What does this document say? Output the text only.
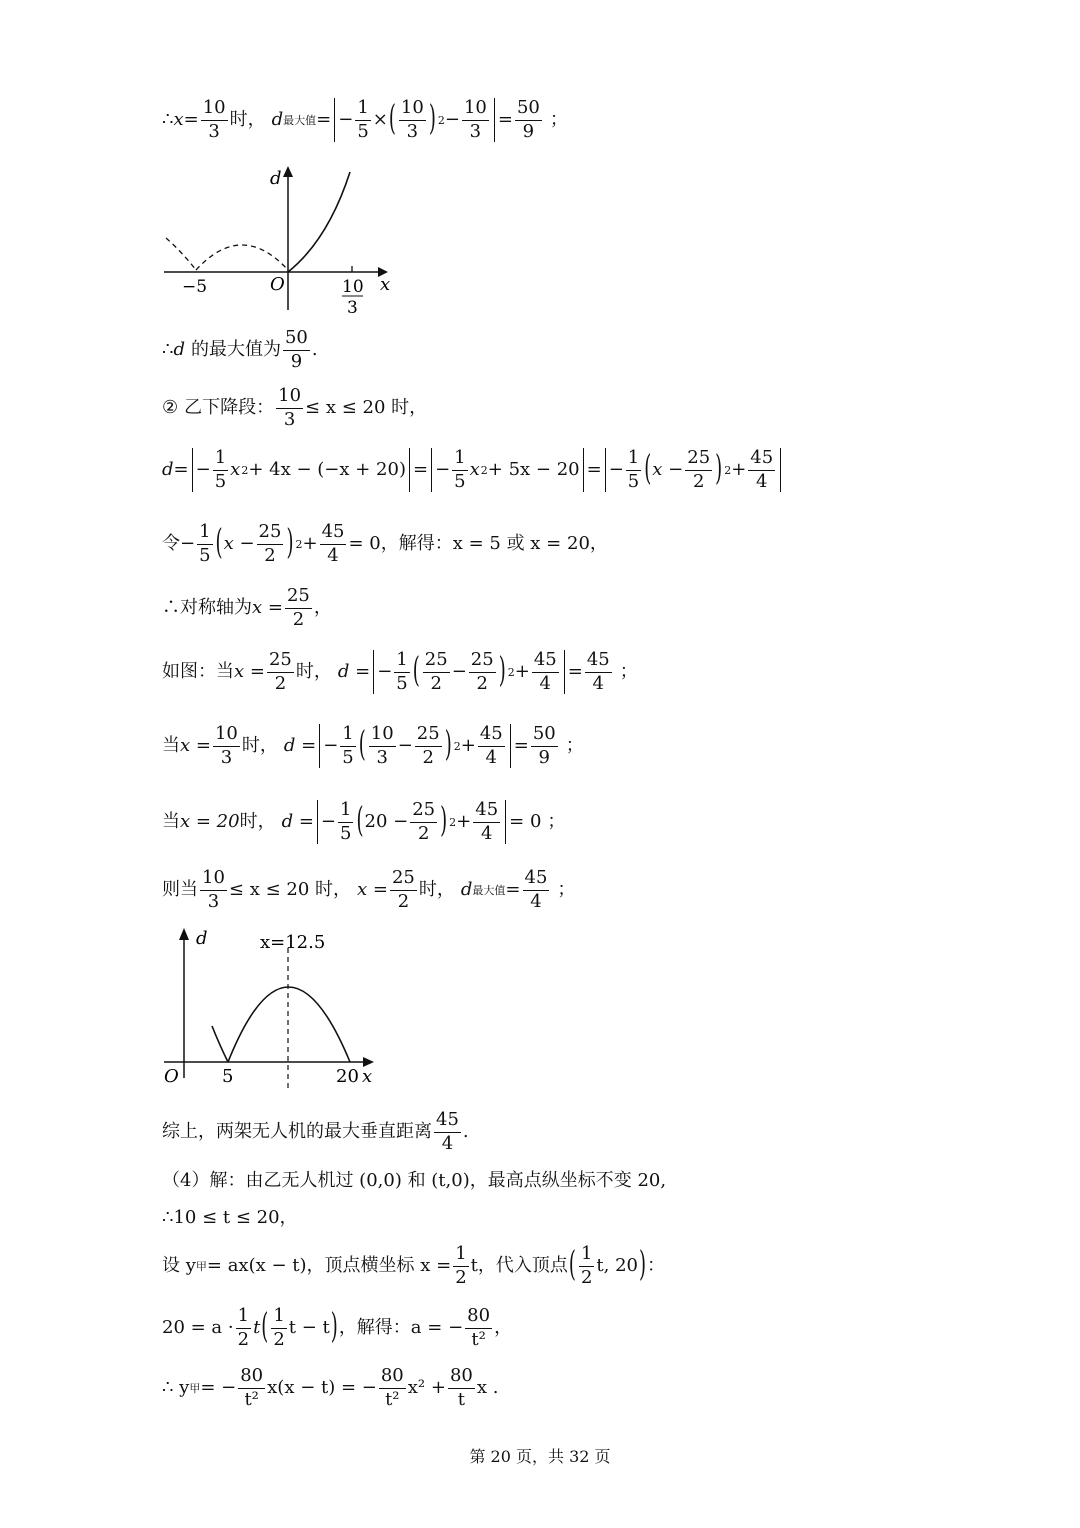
∴ $x = \frac{10}{3}$ 时， d 最大值 = − $\frac{1}{5}$ × ( $\frac{10}{3}$ ) $2 - \frac{10}{3} = \frac{50}{9}$ ；
d
x
O
−5	10
3
∴ d 的最大值为 $\frac{50}{9}$ .
② 乙下降段： $\frac{10}{3} \le x \le 20$ 时，
d = − $\frac{1}{5}$ x 2 + 4x − (−x + 20) = − $\frac{1}{5}$ x 2 + 5x − 20 = − $\frac{1}{5}$ ( $x - \frac{25}{2}$ ) $2 + \frac{45}{4}$
令 − $\frac{1}{5}$ ( $x - \frac{25}{2}$ ) $2 + \frac{45}{4} = 0$，解得：x = 5 或 x = 20，
∴对称轴为 $x = \frac{25}{2}$ ，
如图：当 $x = \frac{25}{2}$ 时， d = − $\frac{1}{5}$ ( $\frac{25}{2} - \frac{25}{2}$ ) $2 + \frac{45}{4} = \frac{45}{4}$ ；
当 $x = \frac{10}{3}$ 时， d = − $\frac{1}{5}$ ( $\frac{10}{3} - \frac{25}{2}$ ) $2 + \frac{45}{4} = \frac{50}{9}$ ；
当 x = 20 时， d = − $\frac{1}{5}$ ( $20 - \frac{25}{2}$ ) $2 + \frac{45}{4} = 0$ ；
则当 $\frac{10}{3} \le x \le 20$ 时， $x = \frac{25}{2}$ 时， d 最大值 = $\frac{45}{4}$ ；
d	x=12.5
O 5	20 x
综上，两架无人机的最大垂直距离 $\frac{45}{4}$ .
（4）解：由乙无人机过 (0,0) 和 (t,0)，最高点纵坐标不变 20,
∴10 ≤ t ≤ 20，
设 y 甲 = ax(x − t)，顶点横坐标 $x = \frac{1}{2}$ t，代入顶点 ( $\frac{1}{2} t$, 20 ) ：
$20 = a \cdot \frac{1}{2}$ t ( $\frac{1}{2}$ t − t ) ，解得：a = − $\frac{80}{\text{t²}}$ ，
∴ y 甲 = − $\frac{80}{\text{t²}} x(x - t)$ = − $\frac{80}{\text{t²}} x^2 + \frac{80}{t}$ x .
第 20 页，共 32 页
